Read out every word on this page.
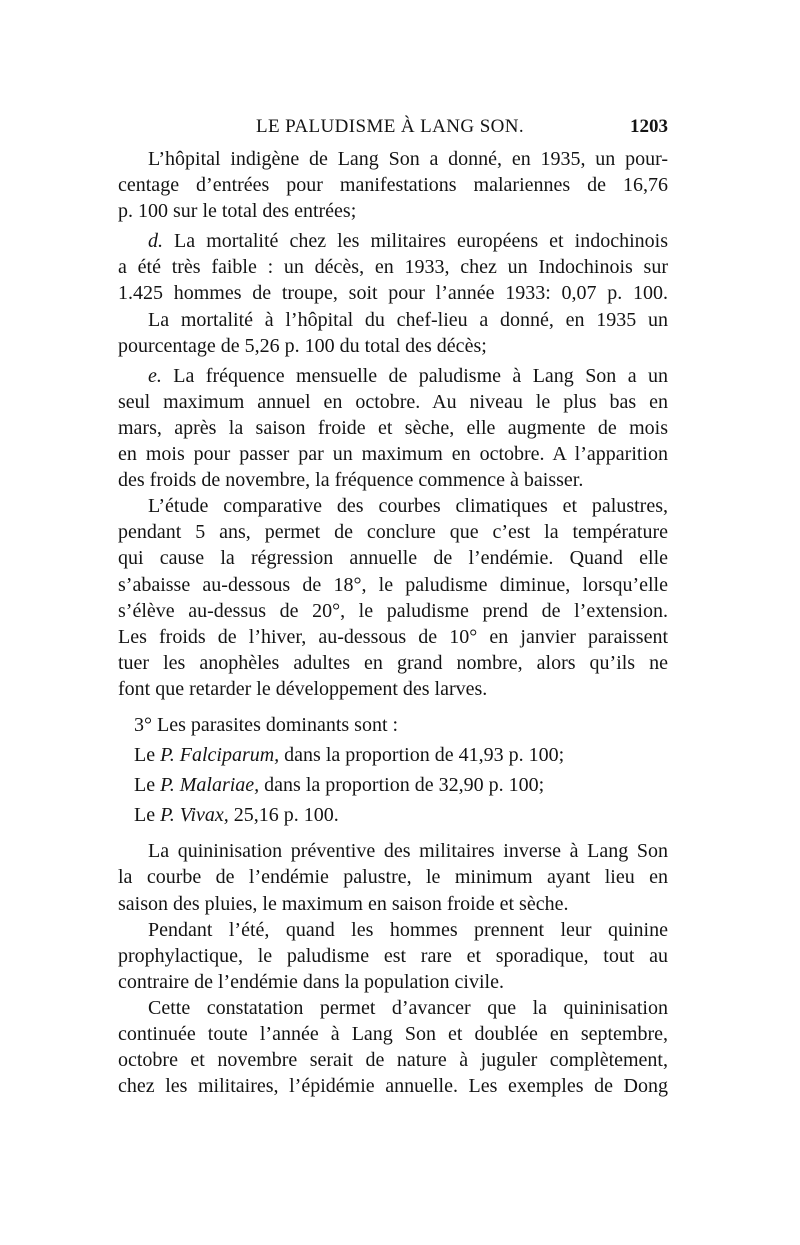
LE PALUDISME À LANG SON.	1203
L’hôpital indigène de Lang Son a donné, en 1935, un pour-
centage d’entrées pour manifestations malariennes de 16,76
p. 100 sur le total des entrées;
d. La mortalité chez les militaires européens et indochinois
a été très faible : un décès, en 1933, chez un Indochinois sur
1.425 hommes de troupe, soit pour l’année 1933: 0,07 p. 100.
La mortalité à l’hôpital du chef-lieu a donné, en 1935 un
pourcentage de 5,26 p. 100 du total des décès;
e. La fréquence mensuelle de paludisme à Lang Son a un
seul maximum annuel en octobre. Au niveau le plus bas en
mars, après la saison froide et sèche, elle augmente de mois
en mois pour passer par un maximum en octobre. A l’apparition
des froids de novembre, la fréquence commence à baisser.
L’étude comparative des courbes climatiques et palustres,
pendant 5 ans, permet de conclure que c’est la température
qui cause la régression annuelle de l’endémie. Quand elle
s’abaisse au-dessous de 18°, le paludisme diminue, lorsqu’elle
s’élève au-dessus de 20°, le paludisme prend de l’extension.
Les froids de l’hiver, au-dessous de 10° en janvier paraissent
tuer les anophèles adultes en grand nombre, alors qu’ils ne
font que retarder le développement des larves.
3° Les parasites dominants sont :
Le P. Falciparum, dans la proportion de 41,93 p. 100;
Le P. Malariae, dans la proportion de 32,90 p. 100;
Le P. Vivax, 25,16 p. 100.
La quininisation préventive des militaires inverse à Lang Son
la courbe de l’endémie palustre, le minimum ayant lieu en
saison des pluies, le maximum en saison froide et sèche.
Pendant l’été, quand les hommes prennent leur quinine
prophylactique, le paludisme est rare et sporadique, tout au
contraire de l’endémie dans la population civile.
Cette constatation permet d’avancer que la quininisation
continuée toute l’année à Lang Son et doublée en septembre,
octobre et novembre serait de nature à juguler complètement,
chez les militaires, l’épidémie annuelle. Les exemples de Dong
